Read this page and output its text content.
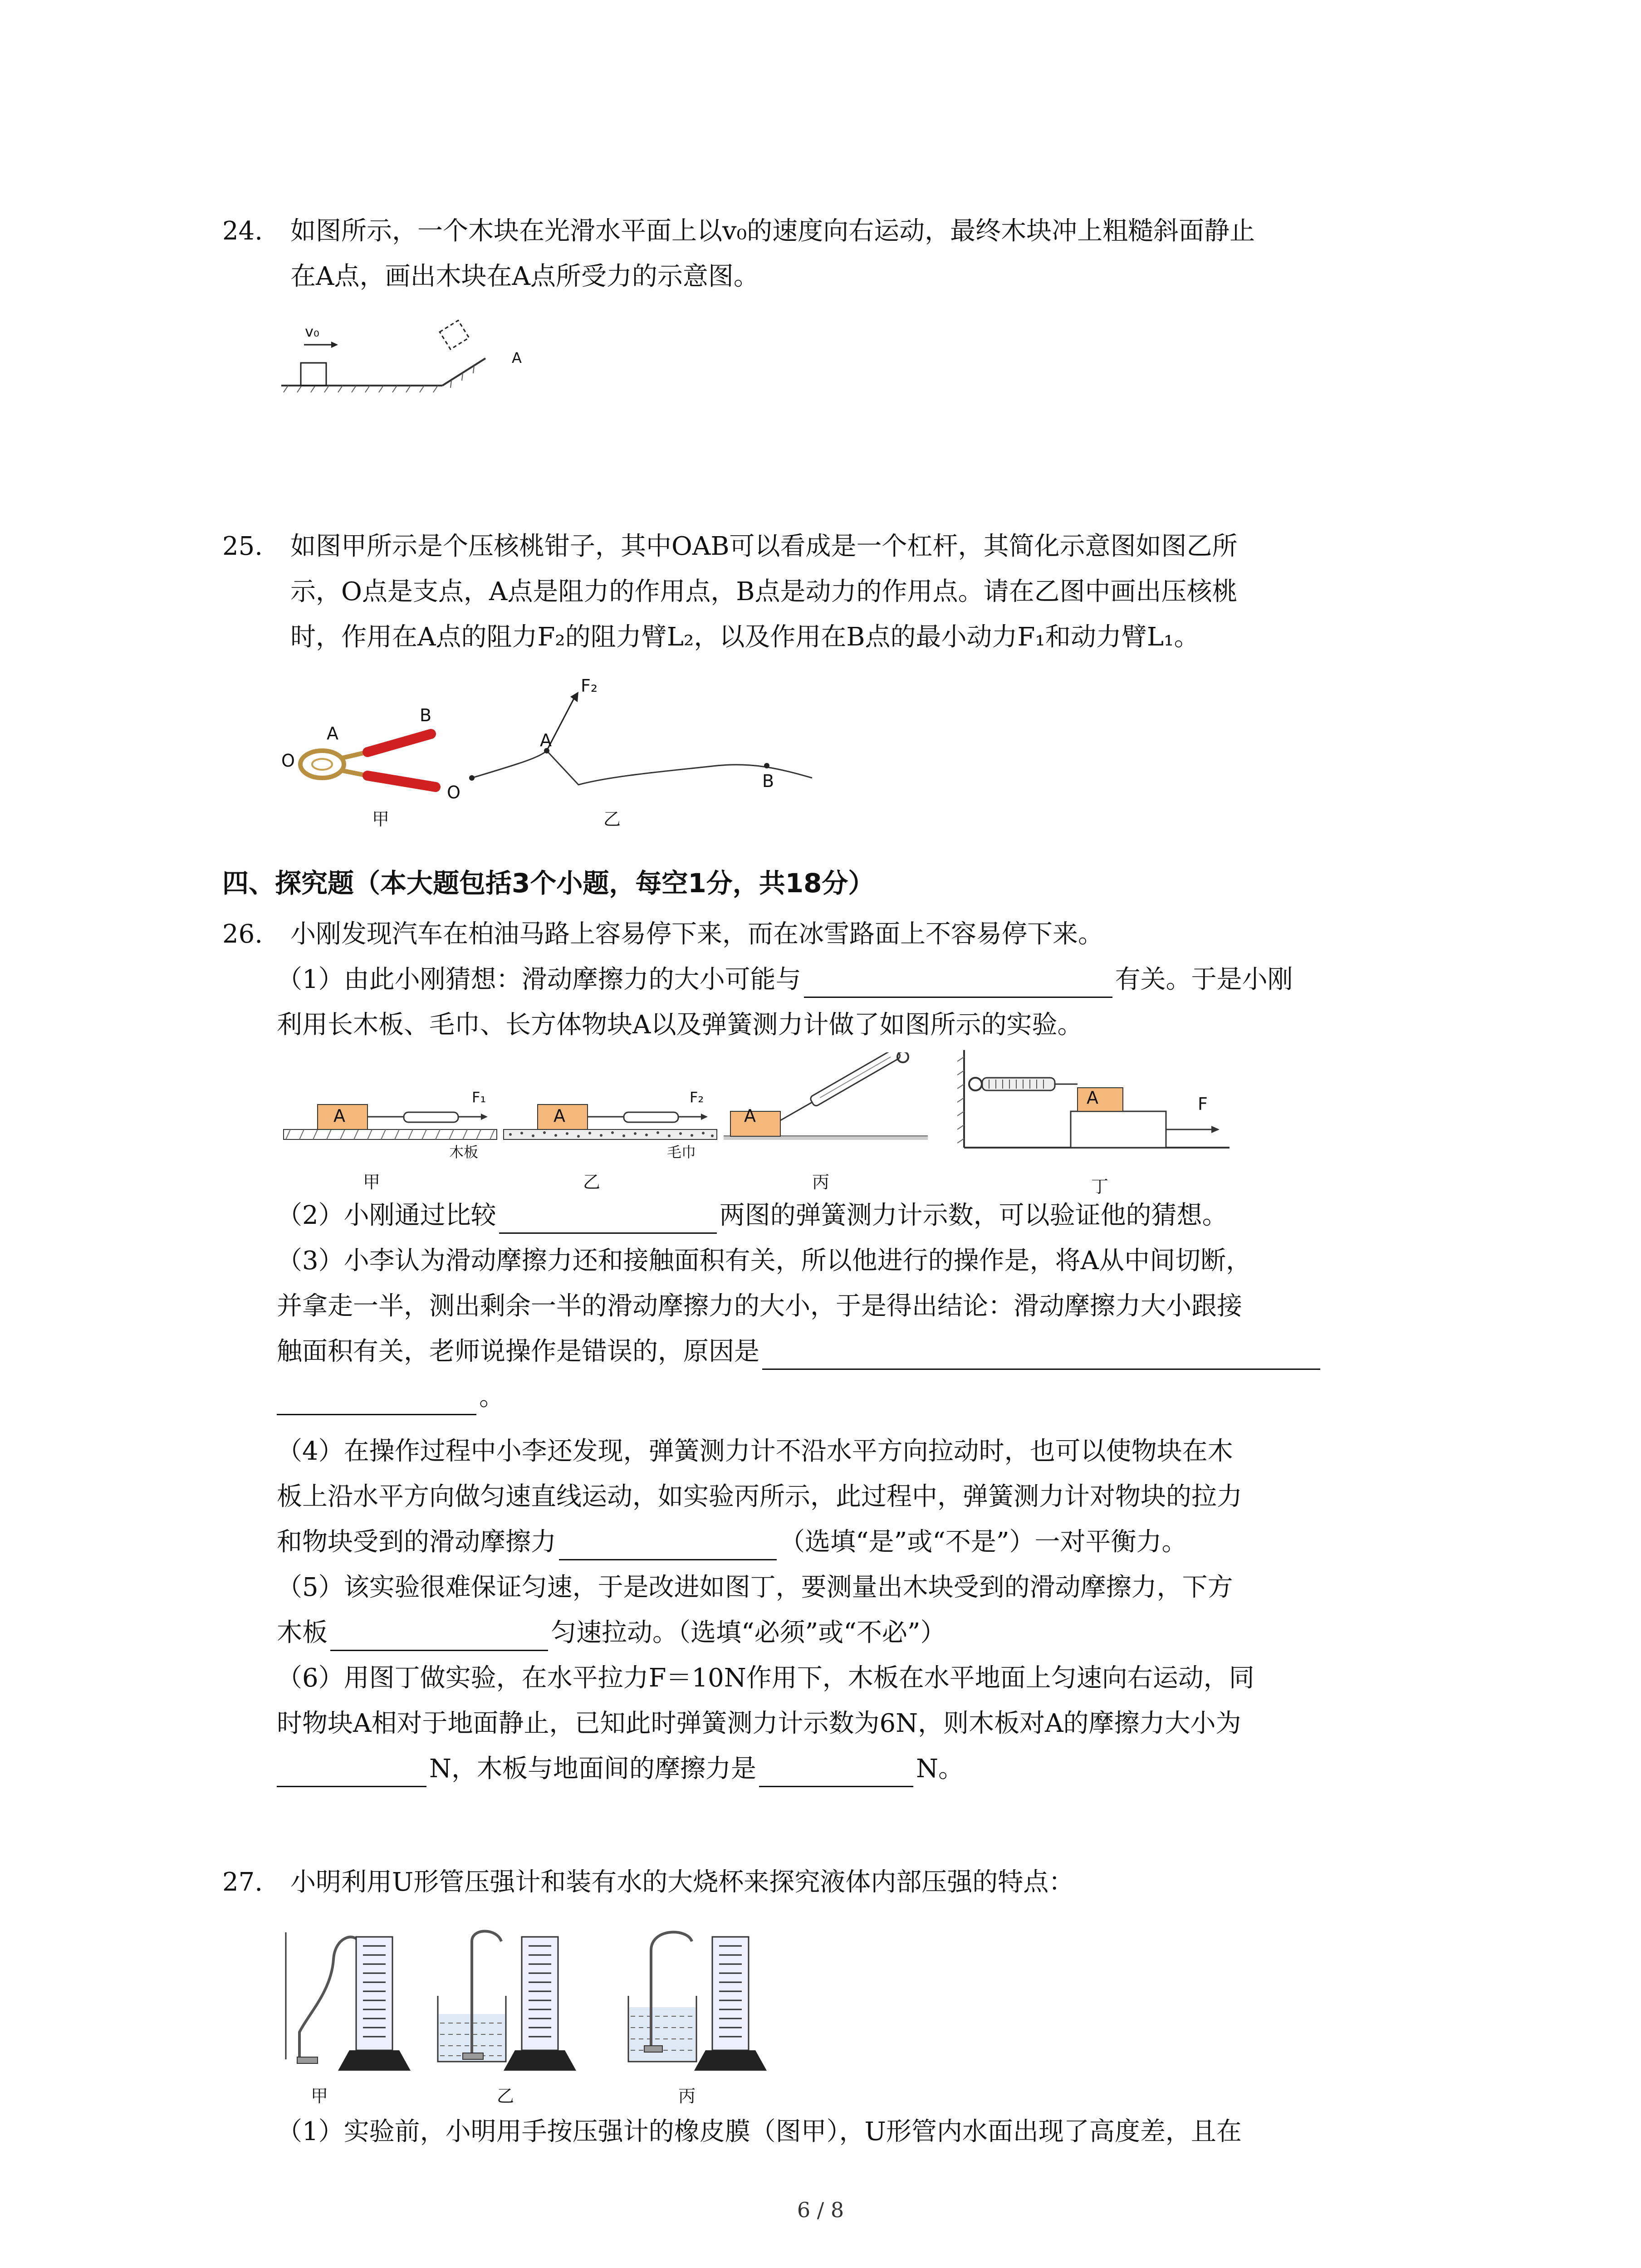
24. 如图所示，一个木块在光滑水平面上以v₀的速度向右运动，最终木块冲上粗糙斜面静止
在A点，画出木块在A点所受力的示意图。
v₀
A
25. 如图甲所示是个压核桃钳子，其中OAB可以看成是一个杠杆，其简化示意图如图乙所
示，O点是支点，A点是阻力的作用点，B点是动力的作用点。请在乙图中画出压核桃
时，作用在A点的阻力F₂的阻力臂L₂，以及作用在B点的最小动力F₁和动力臂L₁。
O
A
B
甲
O
A
B
F₂
乙
四、探究题（本大题包括3个小题，每空1分，共18分）
26. 小刚发现汽车在柏油马路上容易停下来，而在冰雪路面上不容易停下来。
（1）由此小刚猜想：滑动摩擦力的大小可能与	有关。于是小刚
利用长木板、毛巾、长方体物块A以及弹簧测力计做了如图所示的实验。
A
F₁
木板
甲
A
F₂
毛巾
乙
A
丙
A	F
丁
（2）小刚通过比较	两图的弹簧测力计示数，可以验证他的猜想。
（3）小李认为滑动摩擦力还和接触面积有关，所以他进行的操作是，将A从中间切断，
并拿走一半，测出剩余一半的滑动摩擦力的大小，于是得出结论：滑动摩擦力大小跟接
触面积有关，老师说操作是错误的，原因是
。
（4）在操作过程中小李还发现，弹簧测力计不沿水平方向拉动时，也可以使物块在木
板上沿水平方向做匀速直线运动，如实验丙所示，此过程中，弹簧测力计对物块的拉力
和物块受到的滑动摩擦力	（选填“是”或“不是”）一对平衡力。
（5）该实验很难保证匀速，于是改进如图丁，要测量出木块受到的滑动摩擦力，下方
木板	匀速拉动。（选填“必须”或“不必”）
（6）用图丁做实验，在水平拉力F＝10N作用下，木板在水平地面上匀速向右运动，同
时物块A相对于地面静止，已知此时弹簧测力计示数为6N，则木板对A的摩擦力大小为
N，木板与地面间的摩擦力是	N。
27. 小明利用U形管压强计和装有水的大烧杯来探究液体内部压强的特点：
甲	乙	丙
（1）实验前，小明用手按压强计的橡皮膜（图甲），U形管内水面出现了高度差，且在
6 / 8
